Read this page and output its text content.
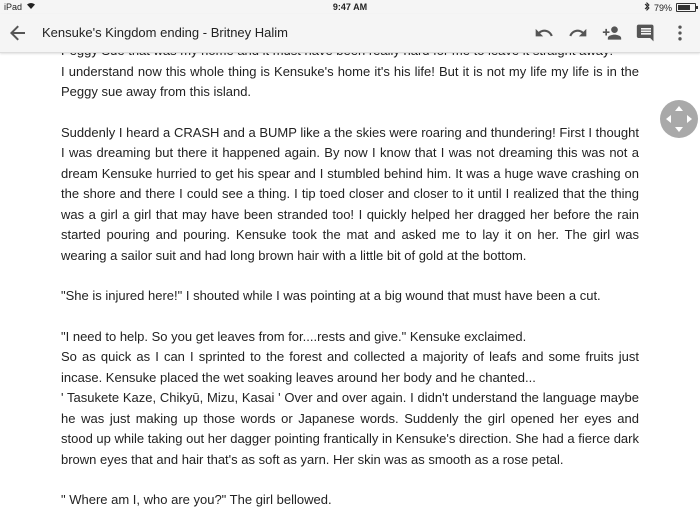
iPad	9:47 AM	79%
Kensuke's Kingdom ending - Britney Halim

I understand now this whole thing is Kensuke's home it's his life! But it is not my life my life is in the Peggy sue away from this island.

Suddenly I heard a CRASH and a BUMP like a the skies were roaring and thundering! First I thought I was dreaming but there it happened again. By now I know that I was not dreaming this was not a dream Kensuke hurried to get his spear and I stumbled behind him. It was a huge wave crashing on the shore and there I could see a thing. I tip toed closer and closer to it until I realized that the thing was a girl a girl that may have been stranded too! I quickly helped her dragged her before the rain started pouring and pouring. Kensuke took the mat and asked me to lay it on her. The girl was wearing a sailor suit and had long brown hair with a little bit of gold at the bottom.

"She is injured here!" I shouted while I was pointing at a big wound that must have been a cut.

"I need to help. So you get leaves from for....rests and give." Kensuke exclaimed.

So as quick as I can I sprinted to the forest and collected a majority of leafs and some fruits just incase. Kensuke placed the wet soaking leaves around her body and he chanted...

' Tasukete Kaze, Chikyū, Mizu, Kasai ' Over and over again. I didn't understand the language maybe he was just making up those words or Japanese words. Suddenly the girl opened her eyes and stood up while taking out her dagger pointing frantically in Kensuke's direction. She had a fierce dark brown eyes that and hair that's as soft as yarn. Her skin was as smooth as a rose petal.

" Where am I, who are you?" The girl bellowed.
